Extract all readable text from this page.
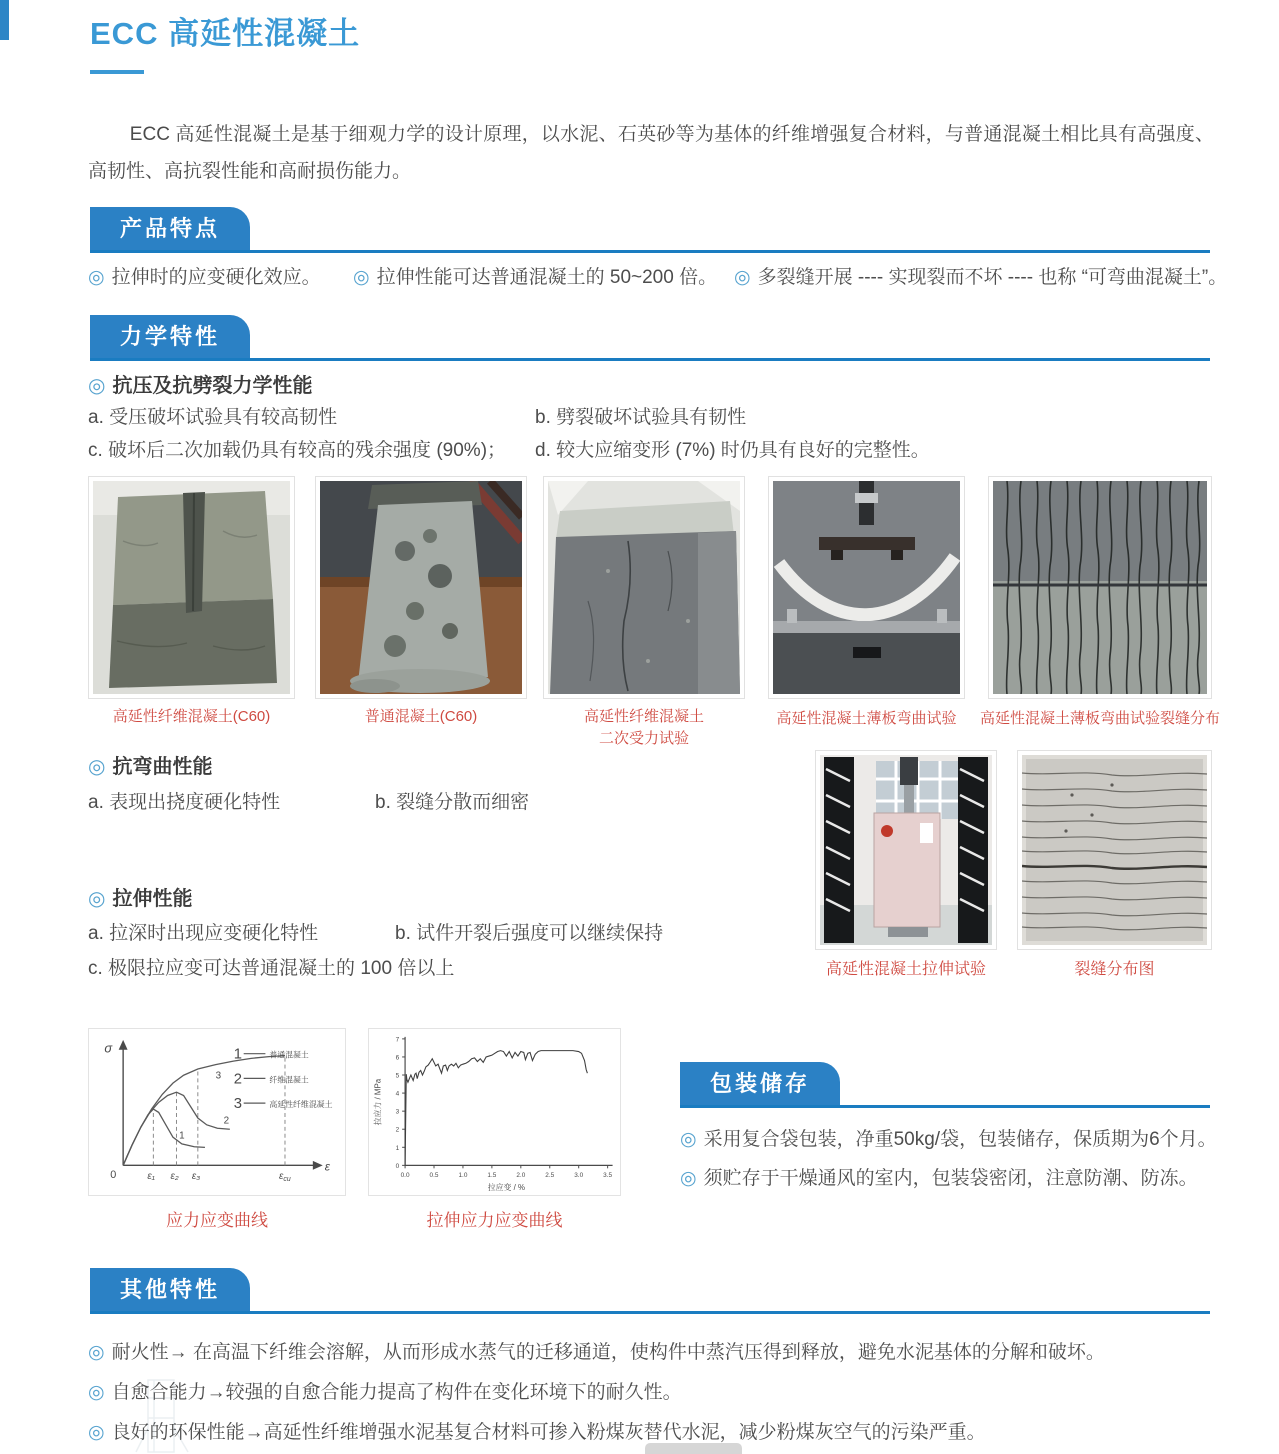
ECC 高延性混凝土
ECC 高延性混凝土是基于细观力学的设计原理，以水泥、石英砂等为基体的纤维增强复合材料，与普通混凝土相比具有高强度、高韧性、高抗裂性能和高耐损伤能力。
产品特点
◎ 拉伸时的应变硬化效应。 ◎ 拉伸性能可达普通混凝土的 50~200 倍。 ◎ 多裂缝开展 ---- 实现裂而不坏 ---- 也称 “可弯曲混凝土”。
力学特性
◎ 抗压及抗劈裂力学性能
a. 受压破坏试验具有较高韧性	b. 劈裂破坏试验具有韧性
c. 破坏后二次加载仍具有较高的残余强度 (90%)； d. 较大应缩变形 (7%) 时仍具有良好的完整性。
高延性纤维混凝土(C60)	普通混凝土(C60)	高延性纤维混凝土
二次受力试验
高延性混凝土薄板弯曲试验	高延性混凝土薄板弯曲试验裂缝分布
◎ 抗弯曲性能
a. 表现出挠度硬化特性	b. 裂缝分散而细密
高延性混凝土拉伸试验	裂缝分布图
◎ 拉伸性能
a. 拉深时出现应变硬化特性	b. 试件开裂后强度可以继续保持
c. 极限拉应变可达普通混凝土的 100 倍以上
ε₁ ε₂ ε₃	$\varepsilon_{cu}$
1
2
3
1	普通混凝土
2	纤维混凝土
3	高延性纤维混凝土
σ
ε
0	0.0	0.5	1.0	1.5	2.0	2.5	3.0	3.5
0
1
2
3
4
5
6
7
拉应变 / %
拉应力 / MPa
应力应变曲线	拉伸应力应变曲线
包装储存
◎ 采用复合袋包装，净重50kg/袋，包装储存，保质期为6个月。
◎ 须贮存于干燥通风的室内，包装袋密闭，注意防潮、防冻。
其他特性
◎ 耐火性→ 在高温下纤维会溶解，从而形成水蒸气的迁移通道，使构件中蒸汽压得到释放，避免水泥基体的分解和破坏。
◎ 自愈合能力→较强的自愈合能力提高了构件在变化环境下的耐久性。
◎ 良好的环保性能→高延性纤维增强水泥基复合材料可掺入粉煤灰替代水泥，减少粉煤灰空气的污染严重。
